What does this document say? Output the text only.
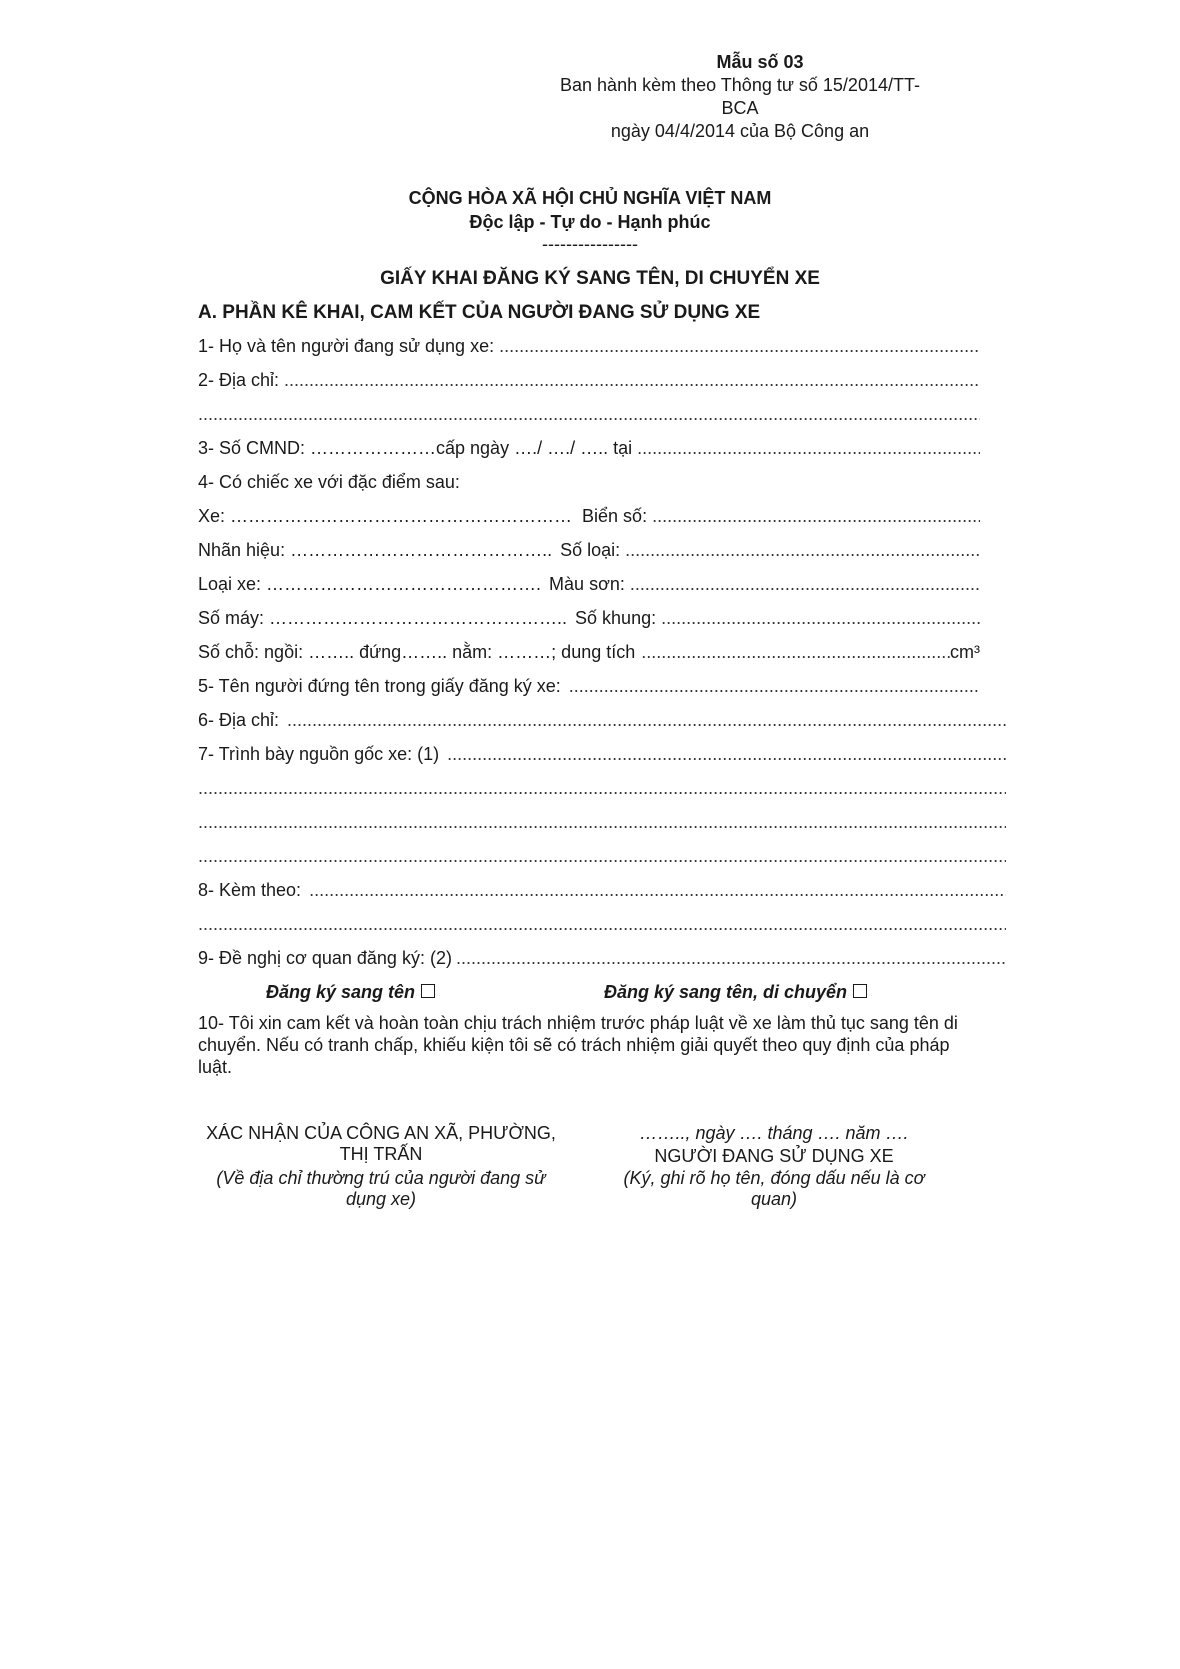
Mẫu số 03
Ban hành kèm theo Thông tư số 15/2014/TT-
BCA
ngày 04/4/2014 của Bộ Công an
CỘNG HÒA XÃ HỘI CHỦ NGHĨA VIỆT NAM
Độc lập - Tự do - Hạnh phúc
----------------
GIẤY KHAI ĐĂNG KÝ SANG TÊN, DI CHUYỂN XE
A. PHẦN KÊ KHAI, CAM KẾT CỦA NGƯỜI ĐANG SỬ DỤNG XE
1- Họ và tên người đang sử dụng xe:
.....
2- Địa chỉ:
.....
.....
3- Số CMND: …………………cấp ngày …./ …./ ….. tại
.....
4- Có chiếc xe với đặc điểm sau:
Xe: ………………………………………………… Biển số:
.....
Nhãn hiệu: …………………………………….. Số loại:
.....
Loại xe: ………………………………………. Màu sơn:
.....
Số máy: ………………………………………….. Số khung:
.....
Số chỗ: ngồi: …….. đứng…….. nằm: ………; dung tích
.....	cm³
5- Tên người đứng tên trong giấy đăng ký xe:
.....
6- Địa chỉ:
.....
7- Trình bày nguồn gốc xe: (1)
.....
.....
.....
.....
8- Kèm theo:
.....
.....
9- Đề nghị cơ quan đăng ký: (2)
.....
Đăng ký sang tên	Đăng ký sang tên, di chuyển
10- Tôi xin cam kết và hoàn toàn chịu trách nhiệm trước pháp luật về xe làm thủ tục sang tên di chuyển. Nếu có tranh chấp, khiếu kiện tôi sẽ có trách nhiệm giải quyết theo quy định của pháp luật.
XÁC NHẬN CỦA CÔNG AN XÃ, PHƯỜNG, THỊ TRẤN
(Về địa chỉ thường trú của người đang sử dụng xe)
…….., ngày …. tháng …. năm ….
NGƯỜI ĐANG SỬ DỤNG XE
(Ký, ghi rõ họ tên, đóng dấu nếu là cơ quan)
